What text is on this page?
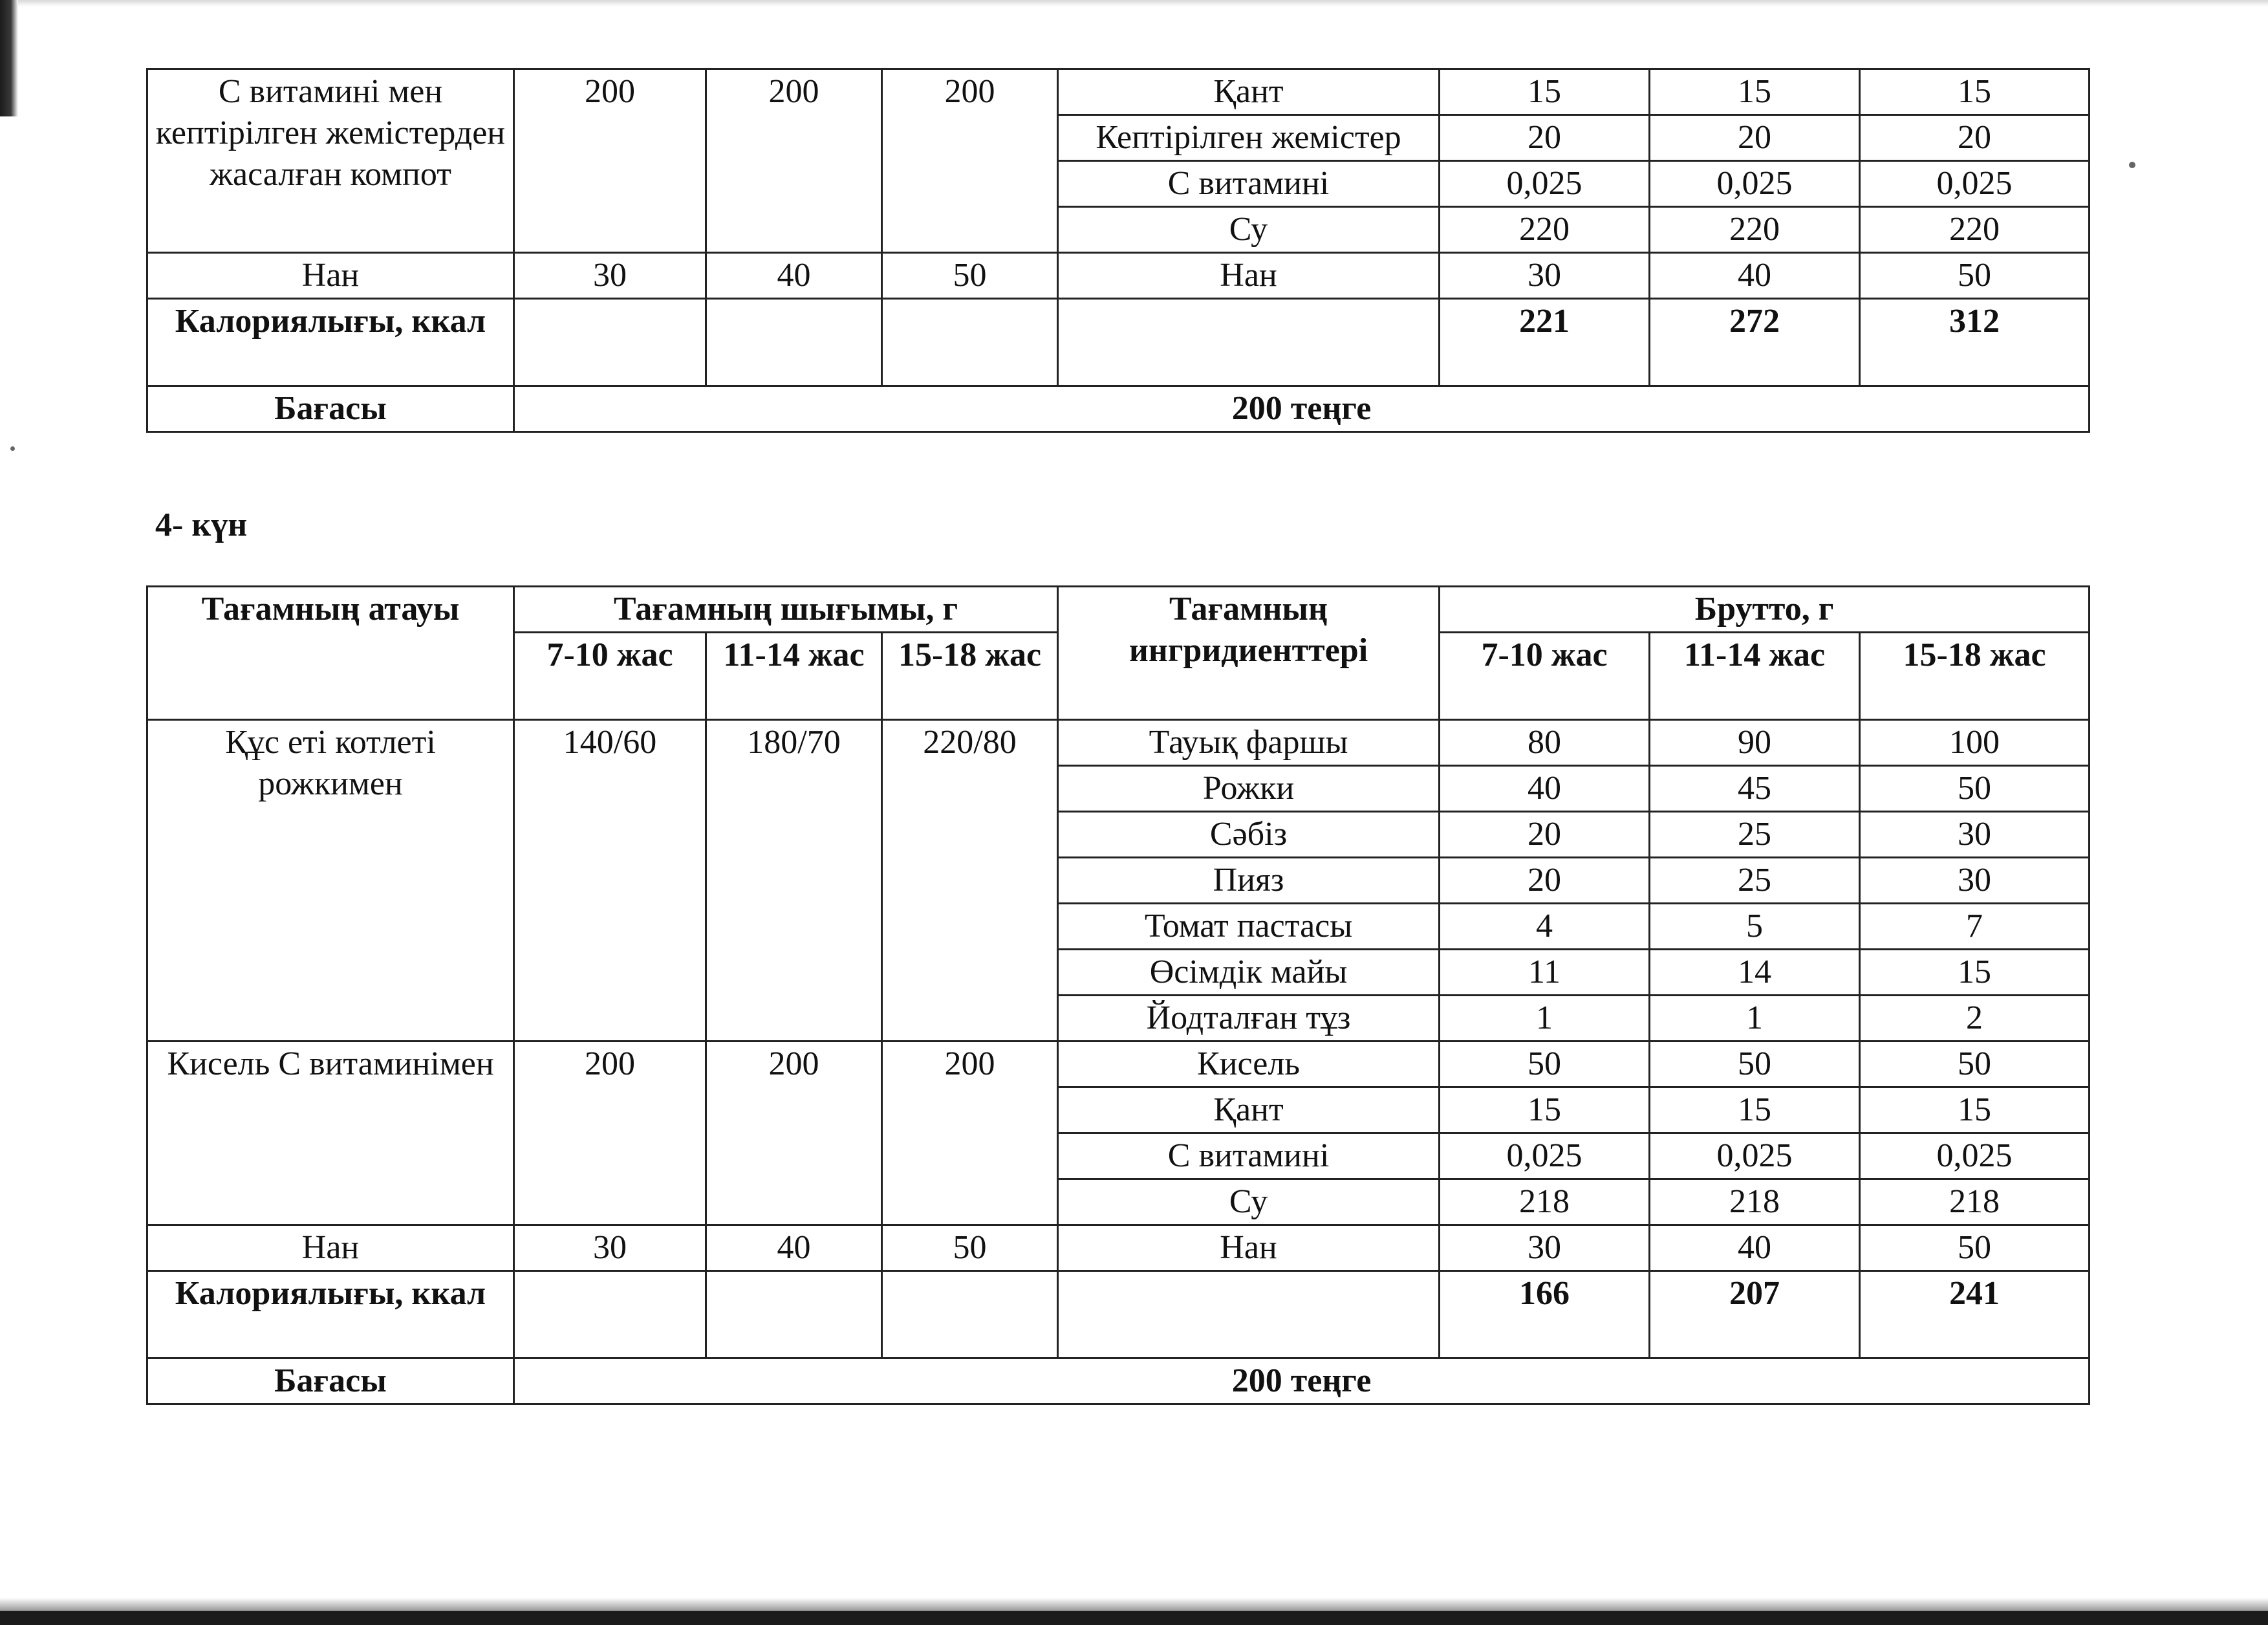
С витамині мен кептірілген жемістерден жасалған компот	200	200	200	Қант	15	15	15
				Кептірілген жемістер	20	20	20
				С витамині	0,025	0,025	0,025
				Су	220	220	220
Нан	30	40	50	Нан	30	40	50
Калориялығы, ккал					221	272	312
Бағасы	200 теңге						
4- күн
Тағамның атауы	Тағамның шығымы, г			Тағамның ингридиенттері	Брутто, г		
	7-10 жас	11-14 жас	15-18 жас		7-10 жас	11-14 жас	15-18 жас
Құс еті котлеті рожкимен	140/60	180/70	220/80	Тауық фаршы	80	90	100
				Рожки	40	45	50
				Сәбіз	20	25	30
				Пияз	20	25	30
				Томат пастасы	4	5	7
				Өсімдік майы	11	14	15
				Йодталған тұз	1	1	2
Кисель С витаминімен	200	200	200	Кисель	50	50	50
				Қант	15	15	15
				С витамині	0,025	0,025	0,025
				Су	218	218	218
Нан	30	40	50	Нан	30	40	50
Калориялығы, ккал					166	207	241
Бағасы	200 теңге						
